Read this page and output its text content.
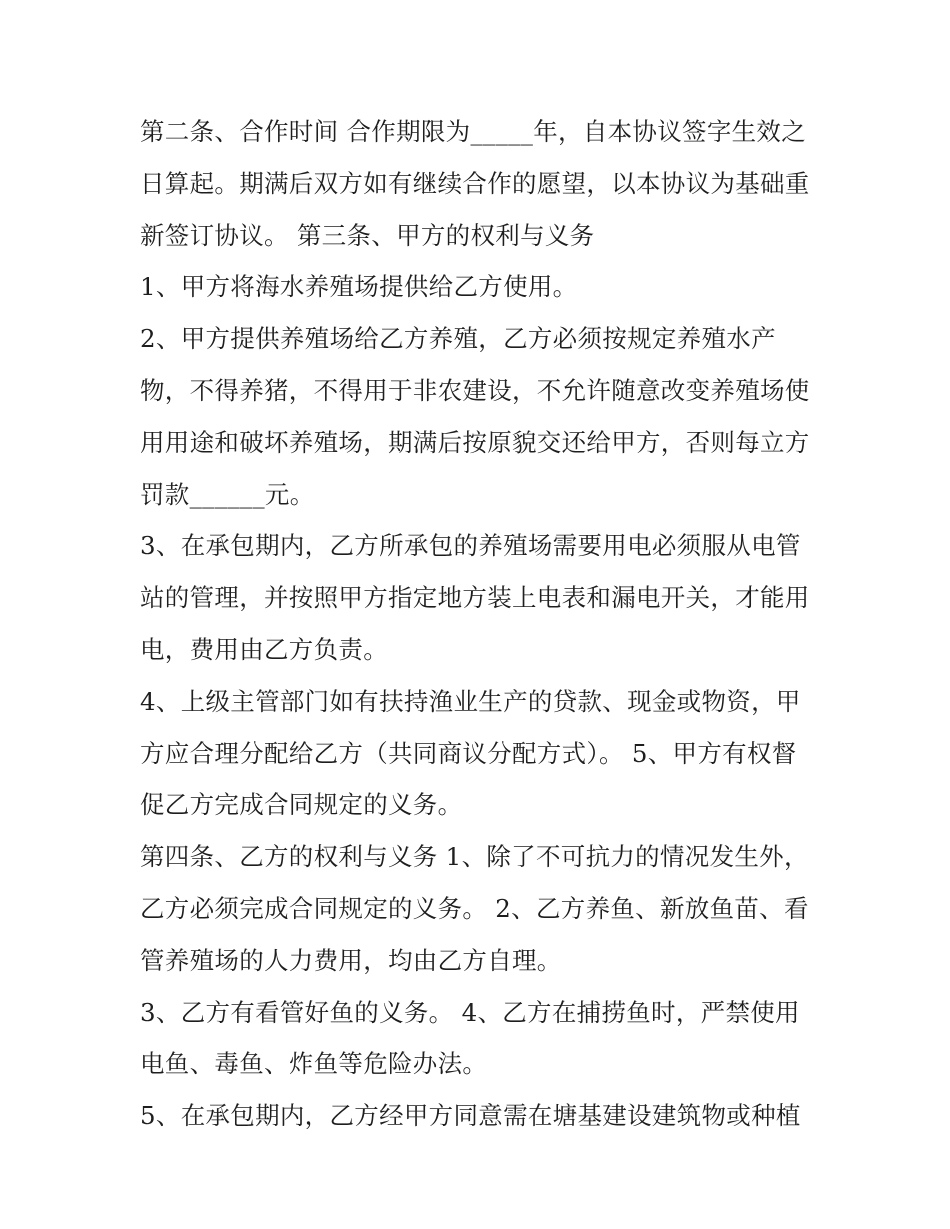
第二条、合作时间 合作期限为_____年，自本协议签字生效之日算起。期满后双方如有继续合作的愿望，以本协议为基础重新签订协议。 第三条、甲方的权利与义务

1、甲方将海水养殖场提供给乙方使用。

2、甲方提供养殖场给乙方养殖，乙方必须按规定养殖水产物，不得养猪，不得用于非农建设，不允许随意改变养殖场使用用途和破坏养殖场，期满后按原貌交还给甲方，否则每立方罚款______元。

3、在承包期内，乙方所承包的养殖场需要用电必须服从电管站的管理，并按照甲方指定地方装上电表和漏电开关，才能用电，费用由乙方负责。

4、上级主管部门如有扶持渔业生产的贷款、现金或物资，甲方应合理分配给乙方（共同商议分配方式）。 5、甲方有权督促乙方完成合同规定的义务。

第四条、乙方的权利与义务 1、除了不可抗力的情况发生外，乙方必须完成合同规定的义务。 2、乙方养鱼、新放鱼苗、看管养殖场的人力费用，均由乙方自理。

3、乙方有看管好鱼的义务。 4、乙方在捕捞鱼时，严禁使用电鱼、毒鱼、炸鱼等危险办法。

5、在承包期内，乙方经甲方同意需在塘基建设建筑物或种植
